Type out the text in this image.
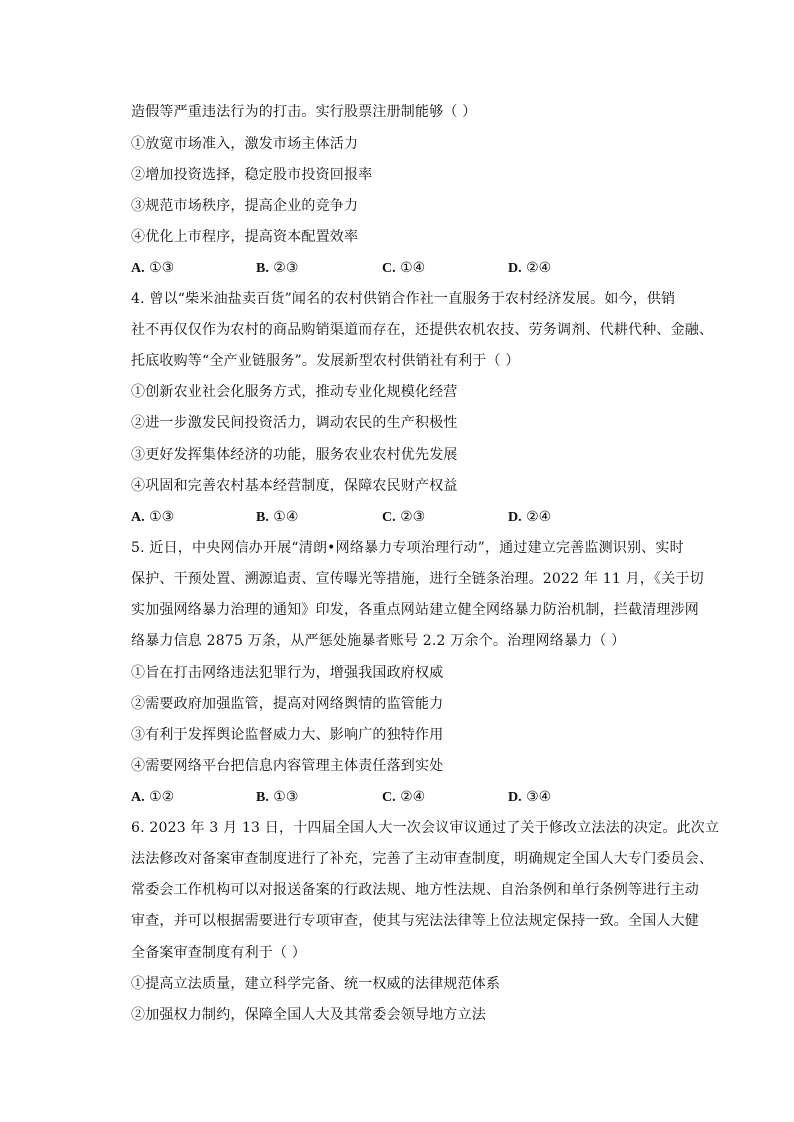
造假等严重违法行为的打击。实行股票注册制能够（ ）
①放宽市场准入，激发市场主体活力
②增加投资选择，稳定股市投资回报率
③规范市场秩序，提高企业的竞争力
④优化上市程序，提高资本配置效率
A. ①③	B. ②③	C. ①④	D. ②④
4. 曾以“柴米油盐卖百货”闻名的农村供销合作社一直服务于农村经济发展。如今，供销
社不再仅仅作为农村的商品购销渠道而存在，还提供农机农技、劳务调剂、代耕代种、金融、
托底收购等“全产业链服务”。发展新型农村供销社有利于（ ）
①创新农业社会化服务方式，推动专业化规模化经营
②进一步激发民间投资活力，调动农民的生产积极性
③更好发挥集体经济的功能，服务农业农村优先发展
④巩固和完善农村基本经营制度，保障农民财产权益
A. ①③	B. ①④	C. ②③	D. ②④
5. 近日，中央网信办开展“清朗•网络暴力专项治理行动”，通过建立完善监测识别、实时
保护、干预处置、溯源追责、宣传曝光等措施，进行全链条治理。2022 年 11 月，《关于切
实加强网络暴力治理的通知》印发，各重点网站建立健全网络暴力防治机制，拦截清理涉网
络暴力信息 2875 万条，从严惩处施暴者账号 2.2 万余个。治理网络暴力（ ）
①旨在打击网络违法犯罪行为，增强我国政府权威
②需要政府加强监管，提高对网络舆情的监管能力
③有利于发挥舆论监督威力大、影响广的独特作用
④需要网络平台把信息内容管理主体责任落到实处
A. ①②	B. ①③	C. ②④	D. ③④
6. 2023 年 3 月 13 日，十四届全国人大一次会议审议通过了关于修改立法法的决定。此次立
法法修改对备案审查制度进行了补充，完善了主动审查制度，明确规定全国人大专门委员会、
常委会工作机构可以对报送备案的行政法规、地方性法规、自治条例和单行条例等进行主动
审查，并可以根据需要进行专项审查，使其与宪法法律等上位法规定保持一致。全国人大健
全备案审查制度有利于（ ）
①提高立法质量，建立科学完备、统一权威的法律规范体系
②加强权力制约，保障全国人大及其常委会领导地方立法
